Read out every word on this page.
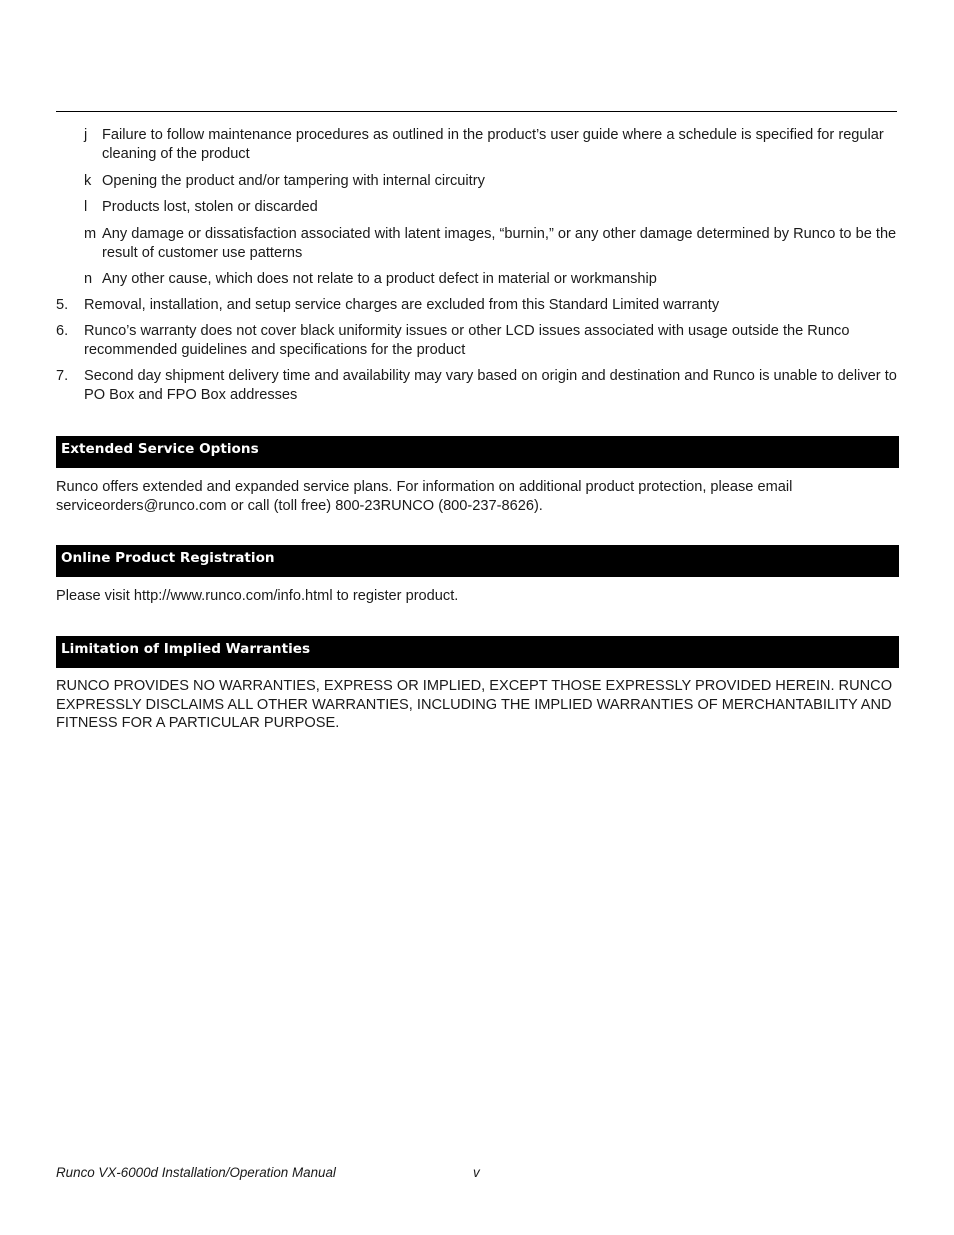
j	Failure to follow maintenance procedures as outlined in the product’s user guide where a schedule is specified for regular cleaning of the product
k Opening the product and/or tampering with internal circuitry
l	Products lost, stolen or discarded
m Any damage or dissatisfaction associated with latent images, “burnin,” or any other damage determined by Runco to be the result of customer use patterns
n Any other cause, which does not relate to a product defect in material or workmanship
5.	Removal, installation, and setup service charges are excluded from this Standard Limited warranty
6.	Runco’s warranty does not cover black uniformity issues or other LCD issues associated with usage outside the Runco recommended guidelines and specifications for the product
7.	Second day shipment delivery time and availability may vary based on origin and destination and Runco is unable to deliver to PO Box and FPO Box addresses
Extended Service Options

Runco offers extended and expanded service plans. For information on additional product protection, please email serviceorders@runco.com or call (toll free) 800-23RUNCO (800-237-8626).

Online Product Registration

Please visit http://www.runco.com/info.html to register product.

Limitation of Implied Warranties

RUNCO PROVIDES NO WARRANTIES, EXPRESS OR IMPLIED, EXCEPT THOSE EXPRESSLY PROVIDED HEREIN. RUNCO EXPRESSLY DISCLAIMS ALL OTHER WARRANTIES, INCLUDING THE IMPLIED WARRANTIES OF MERCHANTABILITY AND FITNESS FOR A PARTICULAR PURPOSE.

Runco VX-6000d Installation/Operation Manual	v
